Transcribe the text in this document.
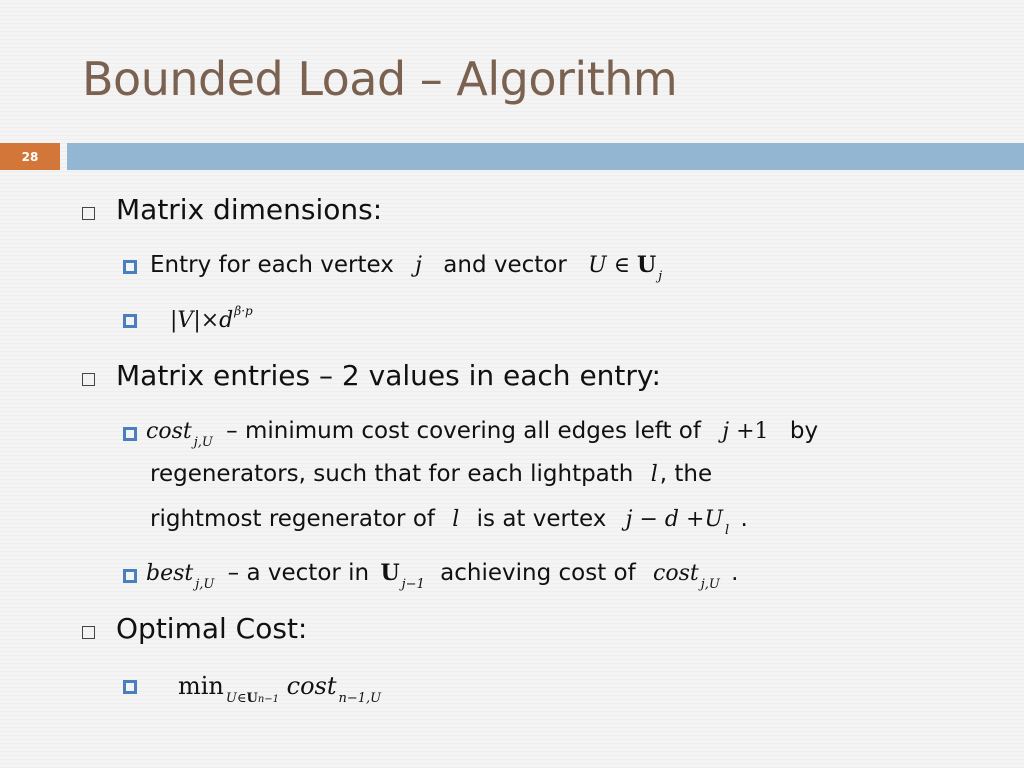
Bounded Load – Algorithm
28
Matrix dimensions:
Entry for each vertex j and vector U ∈ U $_j$
$|V|\times d^{\beta\cdot p}$
Matrix entries – 2 values in each entry:
cost $_{j,U}$ – minimum cost covering all edges left of j +1 by
regenerators, such that for each lightpath l, the
rightmost regenerator of l is at vertex j − d +U $_l$ .
best $_{j,U}$ – a vector in U $_{j-1}$ achieving cost of cost $_{j,U}$ .
Optimal Cost:
min $_{U\in Un-1}$ cost $_{n-1,U}$
